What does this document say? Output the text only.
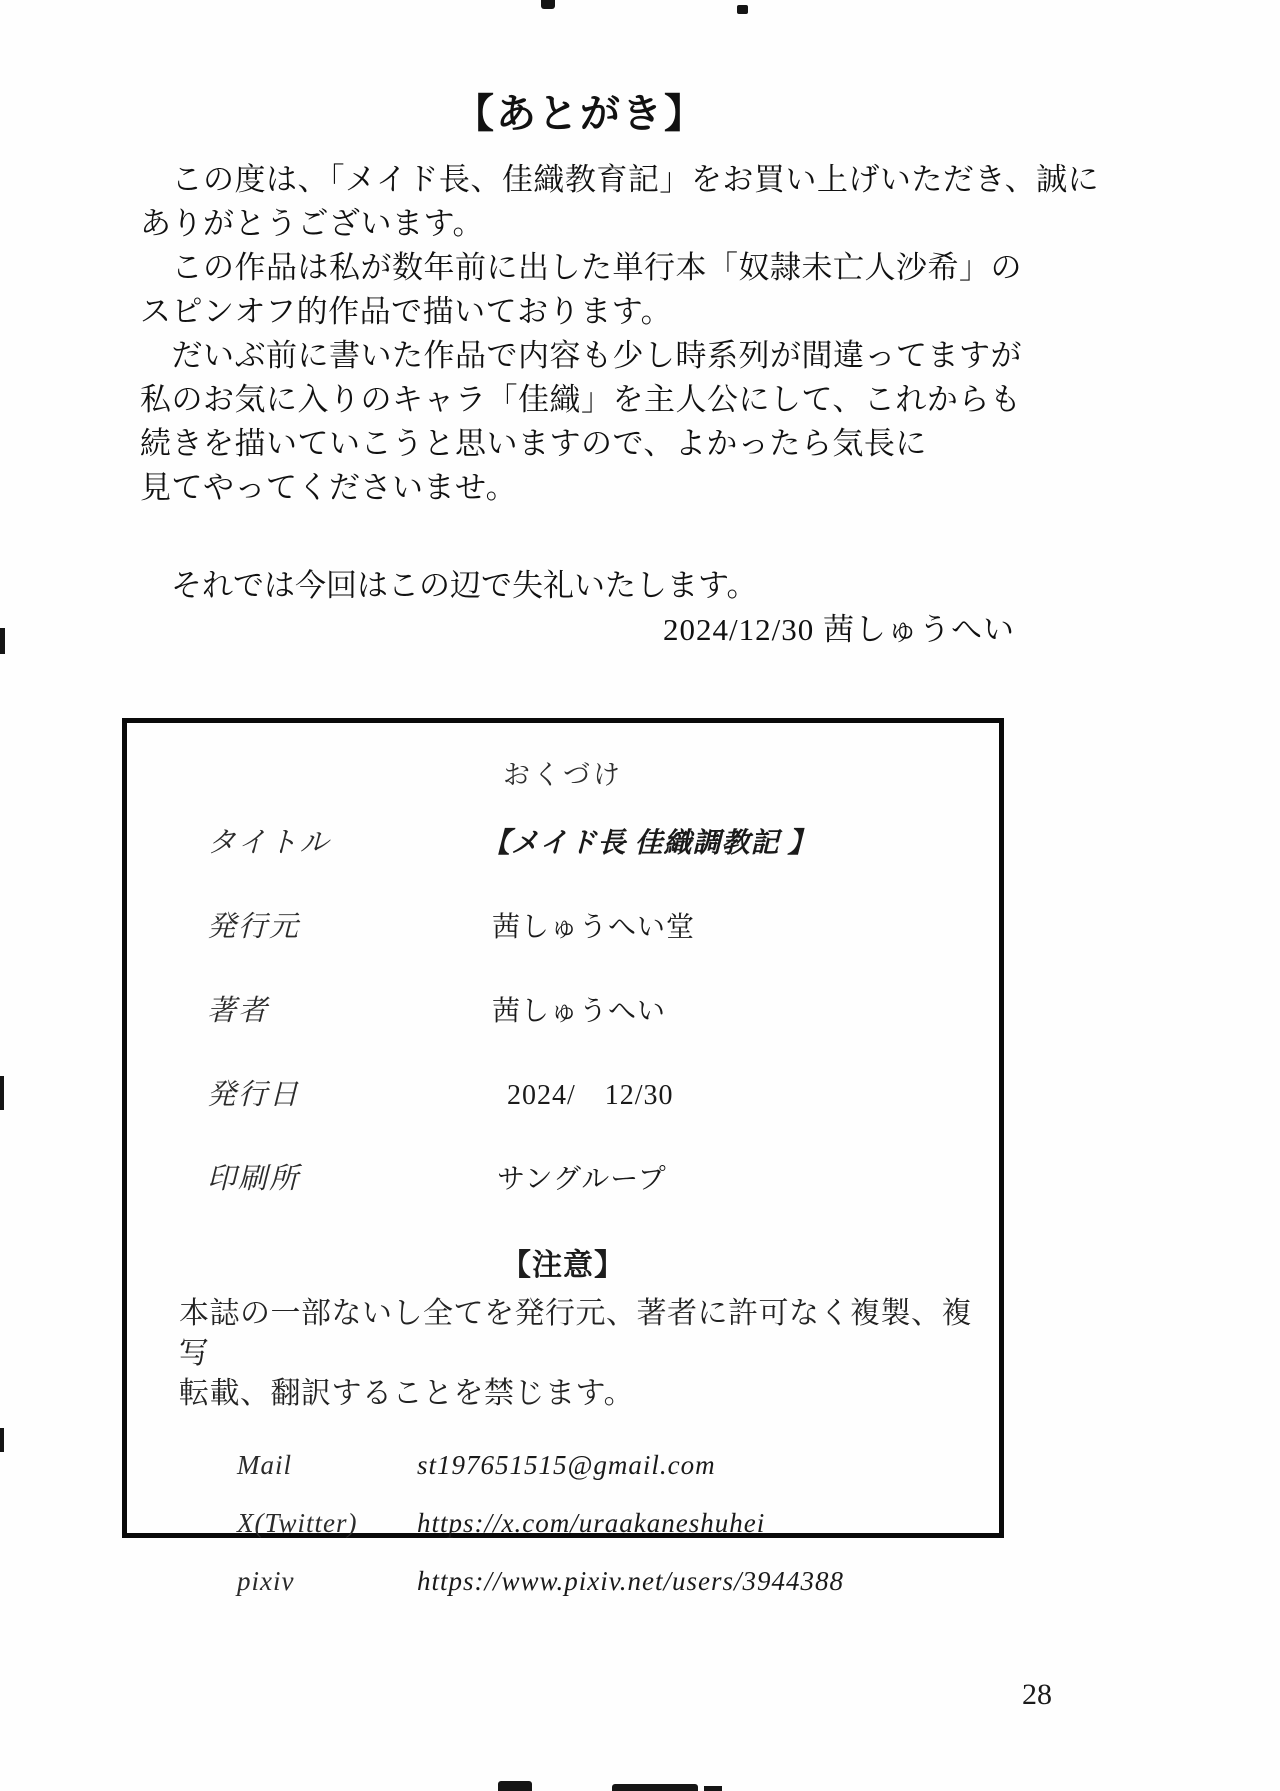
【あとがき】
　この度は、「メイド長、佳織教育記」をお買い上げいただき、誠に
ありがとうございます。
　この作品は私が数年前に出した単行本「奴隷未亡人沙希」の
スピンオフ的作品で描いております。
　だいぶ前に書いた作品で内容も少し時系列が間違ってますが
私のお気に入りのキャラ「佳織」を主人公にして、これからも
続きを描いていこうと思いますので、よかったら気長に
見てやってくださいませ。
　それでは今回はこの辺で失礼いたします。
2024/12/30 茜しゅうへい
おくづけ
タイトル	【メイド長 佳織調教記 】
発行元	茜しゅうへい堂
著者	茜しゅうへい
発行日	2024/　12/30
印刷所	サングループ
【注意】
本誌の一部ないし全てを発行元、著者に許可なく複製、複写
転載、翻訳することを禁じます。
Mail	st197651515@gmail.com
X(Twitter)	https://x.com/uraakaneshuhei
pixiv	https://www.pixiv.net/users/3944388
28
